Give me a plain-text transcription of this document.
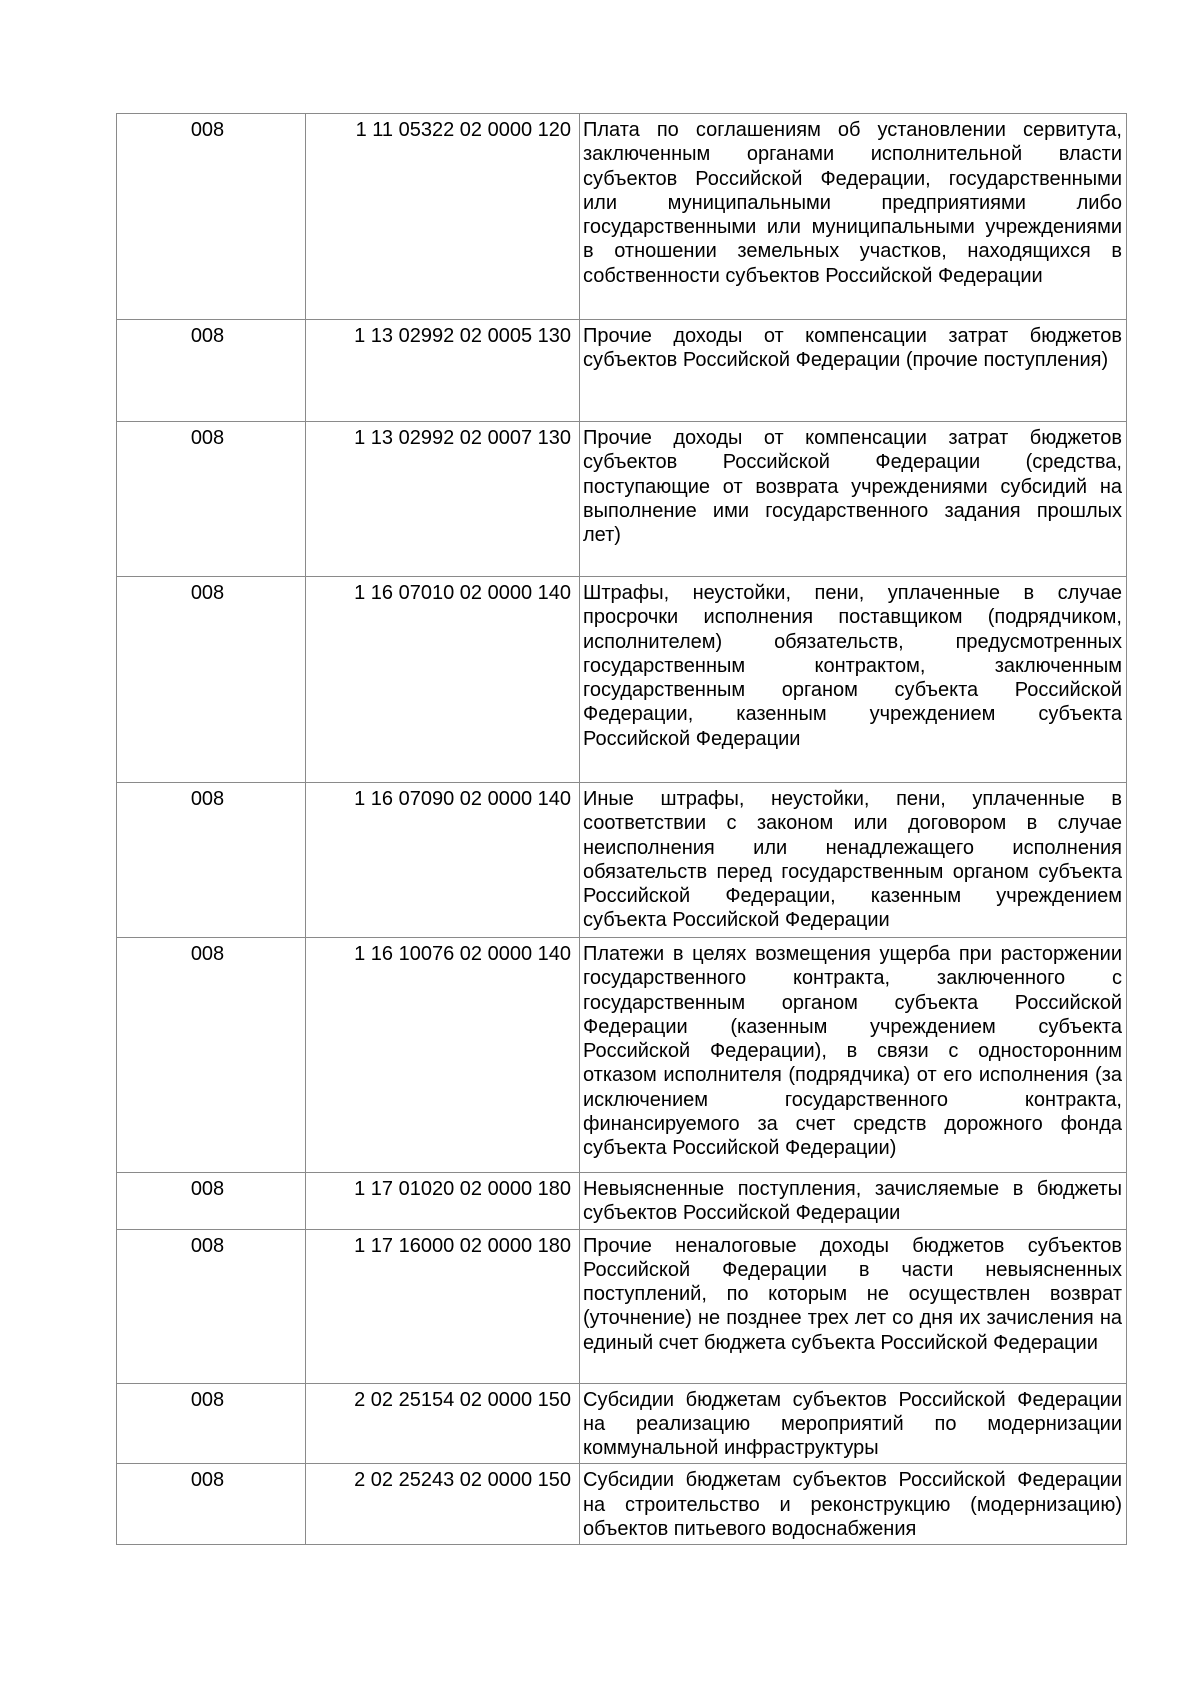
008	1 11 05322 02 0000 120	Плата по соглашениям об установлении сервитута, заключенным органами исполнительной власти субъектов Российской Федерации, государственными или муниципальными предприятиями либо государственными или муниципальными учреждениями в отношении земельных участков, находящихся в собственности субъектов Российской Федерации
008	1 13 02992 02 0005 130	Прочие доходы от компенсации затрат бюджетов субъектов Российской Федерации (прочие поступления)
008	1 13 02992 02 0007 130	Прочие доходы от компенсации затрат бюджетов субъектов Российской Федерации (средства, поступающие от возврата учреждениями субсидий на выполнение ими государственного задания прошлых лет)
008	1 16 07010 02 0000 140	Штрафы, неустойки, пени, уплаченные в случае просрочки исполнения поставщиком (подрядчиком, исполнителем) обязательств, предусмотренных государственным контрактом, заключенным государственным органом субъекта Российской Федерации, казенным учреждением субъекта Российской Федерации
008	1 16 07090 02 0000 140	Иные штрафы, неустойки, пени, уплаченные в соответствии с законом или договором в случае неисполнения или ненадлежащего исполнения обязательств перед государственным органом субъекта Российской Федерации, казенным учреждением субъекта Российской Федерации
008	1 16 10076 02 0000 140	Платежи в целях возмещения ущерба при расторжении государственного контракта, заключенного с государственным органом субъекта Российской Федерации (казенным учреждением субъекта Российской Федерации), в связи с односторонним отказом исполнителя (подрядчика) от его исполнения (за исключением государственного контракта, финансируемого за счет средств дорожного фонда субъекта Российской Федерации)
008	1 17 01020 02 0000 180	Невыясненные поступления, зачисляемые в бюджеты субъектов Российской Федерации
008	1 17 16000 02 0000 180	Прочие неналоговые доходы бюджетов субъектов Российской Федерации в части невыясненных поступлений, по которым не осуществлен возврат (уточнение) не позднее трех лет со дня их зачисления на единый счет бюджета субъекта Российской Федерации
008	2 02 25154 02 0000 150	Субсидии бюджетам субъектов Российской Федерации на реализацию мероприятий по модернизации коммунальной инфраструктуры
008	2 02 25243 02 0000 150	Субсидии бюджетам субъектов Российской Федерации на строительство и реконструкцию (модернизацию) объектов питьевого водоснабжения
